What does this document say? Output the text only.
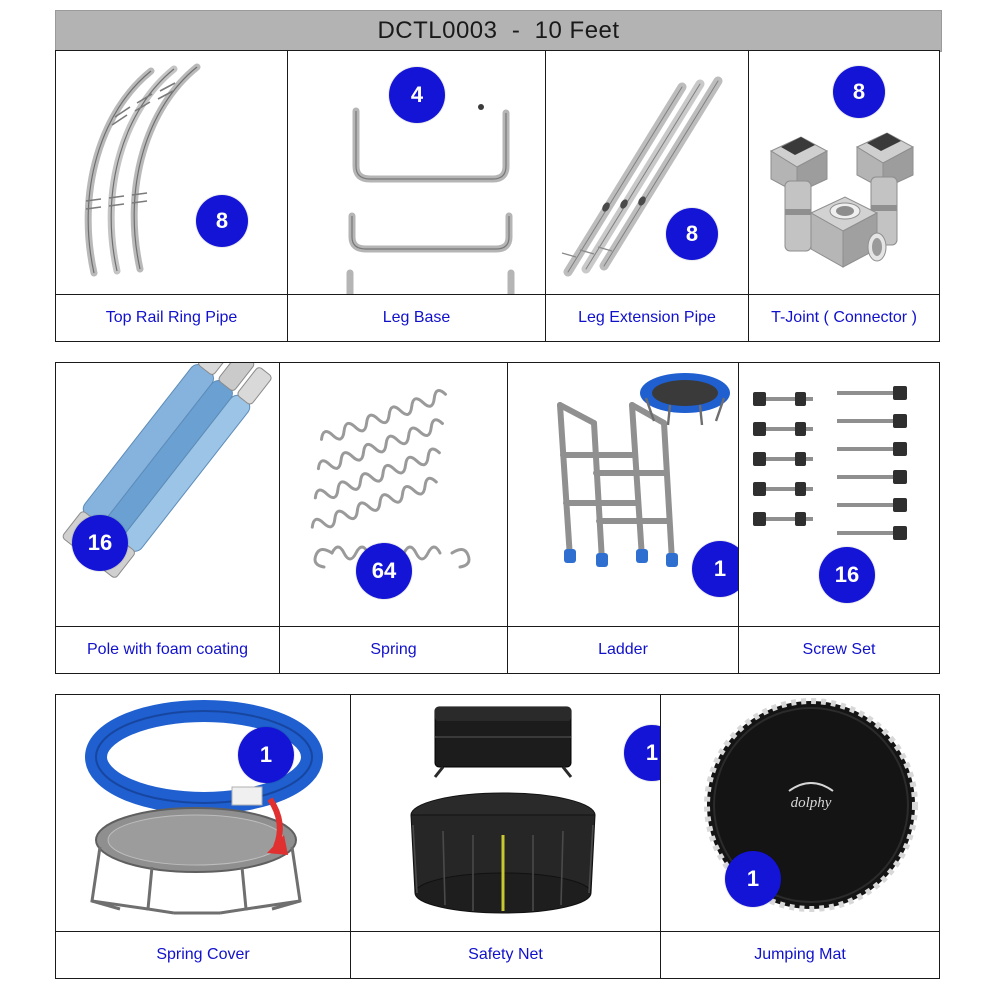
DCTL0003  -  10 Feet
8
Top Rail Ring Pipe
4
Leg Base
8
Leg Extension Pipe
8
T-Joint ( Connector )
16
Pole with foam coating
64
Spring
1
Ladder
16
Screw Set
1
Spring Cover
1
Safety Net
dolphy
1
Jumping Mat
